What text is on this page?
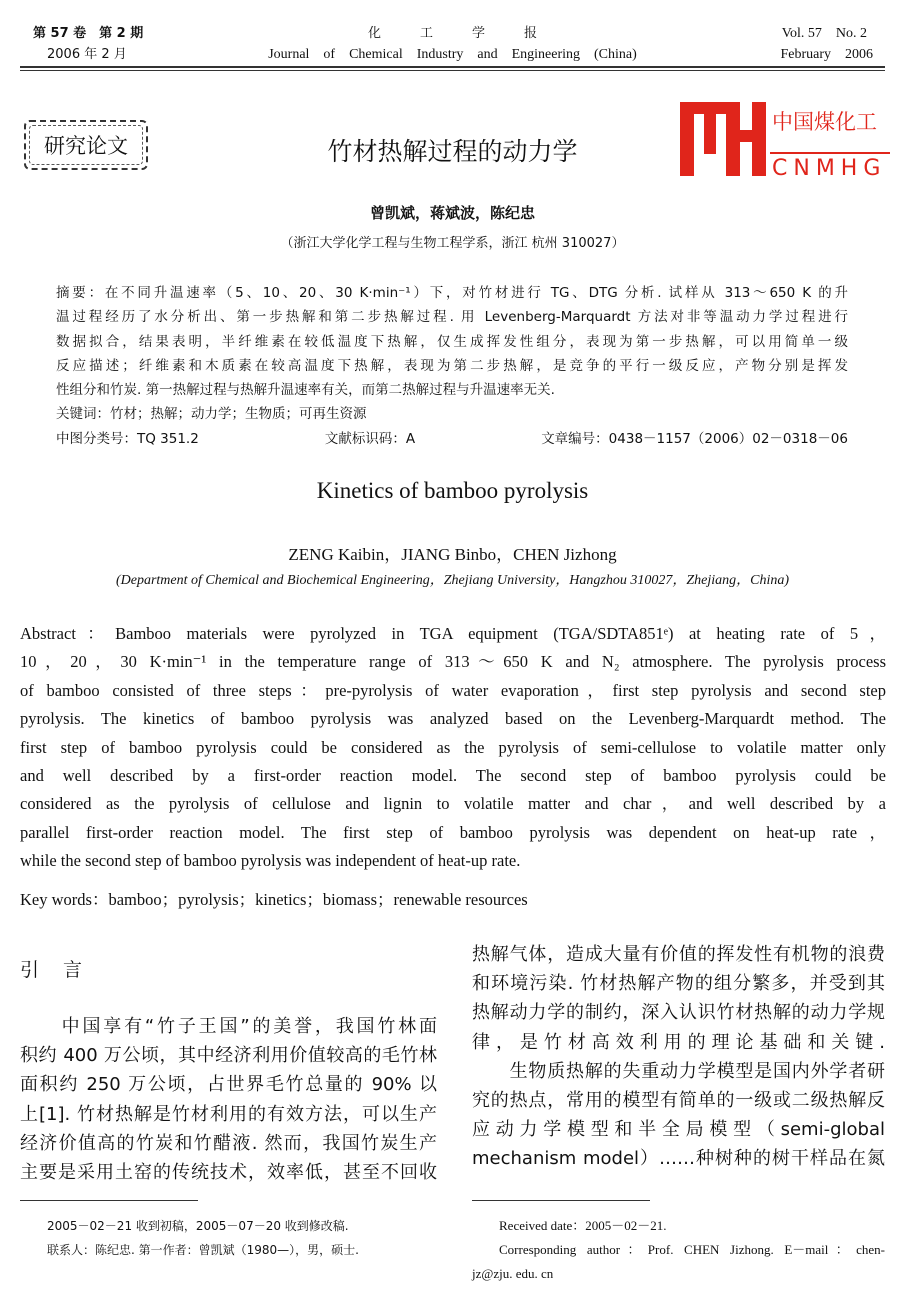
第 57 卷　第 2 期
2006 年 2 月
化　　　工　　　学　　　报
Journal　of　Chemical　Industry　and　Engineering　(China)
Vol. 57　No. 2
February　2006
研究论文	竹材热解过程的动力学
曾凯斌，蒋斌波，陈纪忠
（浙江大学化学工程与生物工程学系，浙江 杭州 310027）
摘要：在不同升温速率（5、10、20、30 K·min⁻¹）下，对竹材进行 TG、DTG 分析. 试样从 313～650 K 的升
温过程经历了水分析出、第一步热解和第二步热解过程. 用 Levenberg-Marquardt 方法对非等温动力学过程进行
数据拟合，结果表明，半纤维素在较低温度下热解，仅生成挥发性组分，表现为第一步热解，可以用简单一级
反应描述；纤维素和木质素在较高温度下热解，表现为第二步热解，是竞争的平行一级反应，产物分别是挥发
性组分和竹炭. 第一热解过程与热解升温速率有关，而第二热解过程与升温速率无关.
关键词：竹材；热解；动力学；生物质；可再生资源
中图分类号：TQ 351.2	文献标识码：A	文章编号：0438－1157（2006）02－0318－06
Kinetics of bamboo pyrolysis
ZENG Kaibin，JIANG Binbo，CHEN Jizhong
(Department of Chemical and Biochemical Engineering，Zhejiang University，Hangzhou 310027，Zhejiang，China)
Abstract：Bamboo materials were pyrolyzed in TGA equipment (TGA/SDTA851ᵉ) at heating rate of 5，
10，20，30 K·min⁻¹ in the temperature range of 313～650 K and N₂ atmosphere. The pyrolysis process
of bamboo consisted of three steps：pre-pyrolysis of water evaporation，first step pyrolysis and second step
pyrolysis. The kinetics of bamboo pyrolysis was analyzed based on the Levenberg-Marquardt method. The
first step of bamboo pyrolysis could be considered as the pyrolysis of semi-cellulose to volatile matter only
and well described by a first-order reaction model. The second step of bamboo pyrolysis could be
considered as the pyrolysis of cellulose and lignin to volatile matter and char，and well described by a
parallel first-order reaction model. The first step of bamboo pyrolysis was dependent on heat-up rate，
while the second step of bamboo pyrolysis was independent of heat-up rate.
Key words：bamboo；pyrolysis；kinetics；biomass；renewable resources
引 言
　　中国享有“竹子王国”的美誉，我国竹林面
积约 400 万公顷，其中经济利用价值较高的毛竹林
面积约 250 万公顷，占世界毛竹总量的 90% 以
上[1]. 竹材热解是竹材利用的有效方法，可以生产
经济价值高的竹炭和竹醋液. 然而，我国竹炭生产
主要是采用土窑的传统技术，效率低，甚至不回收
热解气体，造成大量有价值的挥发性有机物的浪费
和环境污染. 竹材热解产物的组分繁多，并受到其
热解动力学的制约，深入认识竹材热解的动力学规
律，是竹材高效利用的理论基础和关键.
　　生物质热解的失重动力学模型是国内外学者研
究的热点，常用的模型有简单的一级或二级热解反
应动力学模型和半全局模型（semi-global
mechanism model）……种树种的树干样品在氮
2005－02－21 收到初稿，2005－07－20 收到修改稿.
联系人：陈纪忠. 第一作者：曾凯斌（1980—），男，硕士.
Received date：2005－02－21.
Corresponding author：Prof. CHEN Jizhong. E－mail：chen-
jz@zju. edu. cn
中国煤化工
CNMHG
